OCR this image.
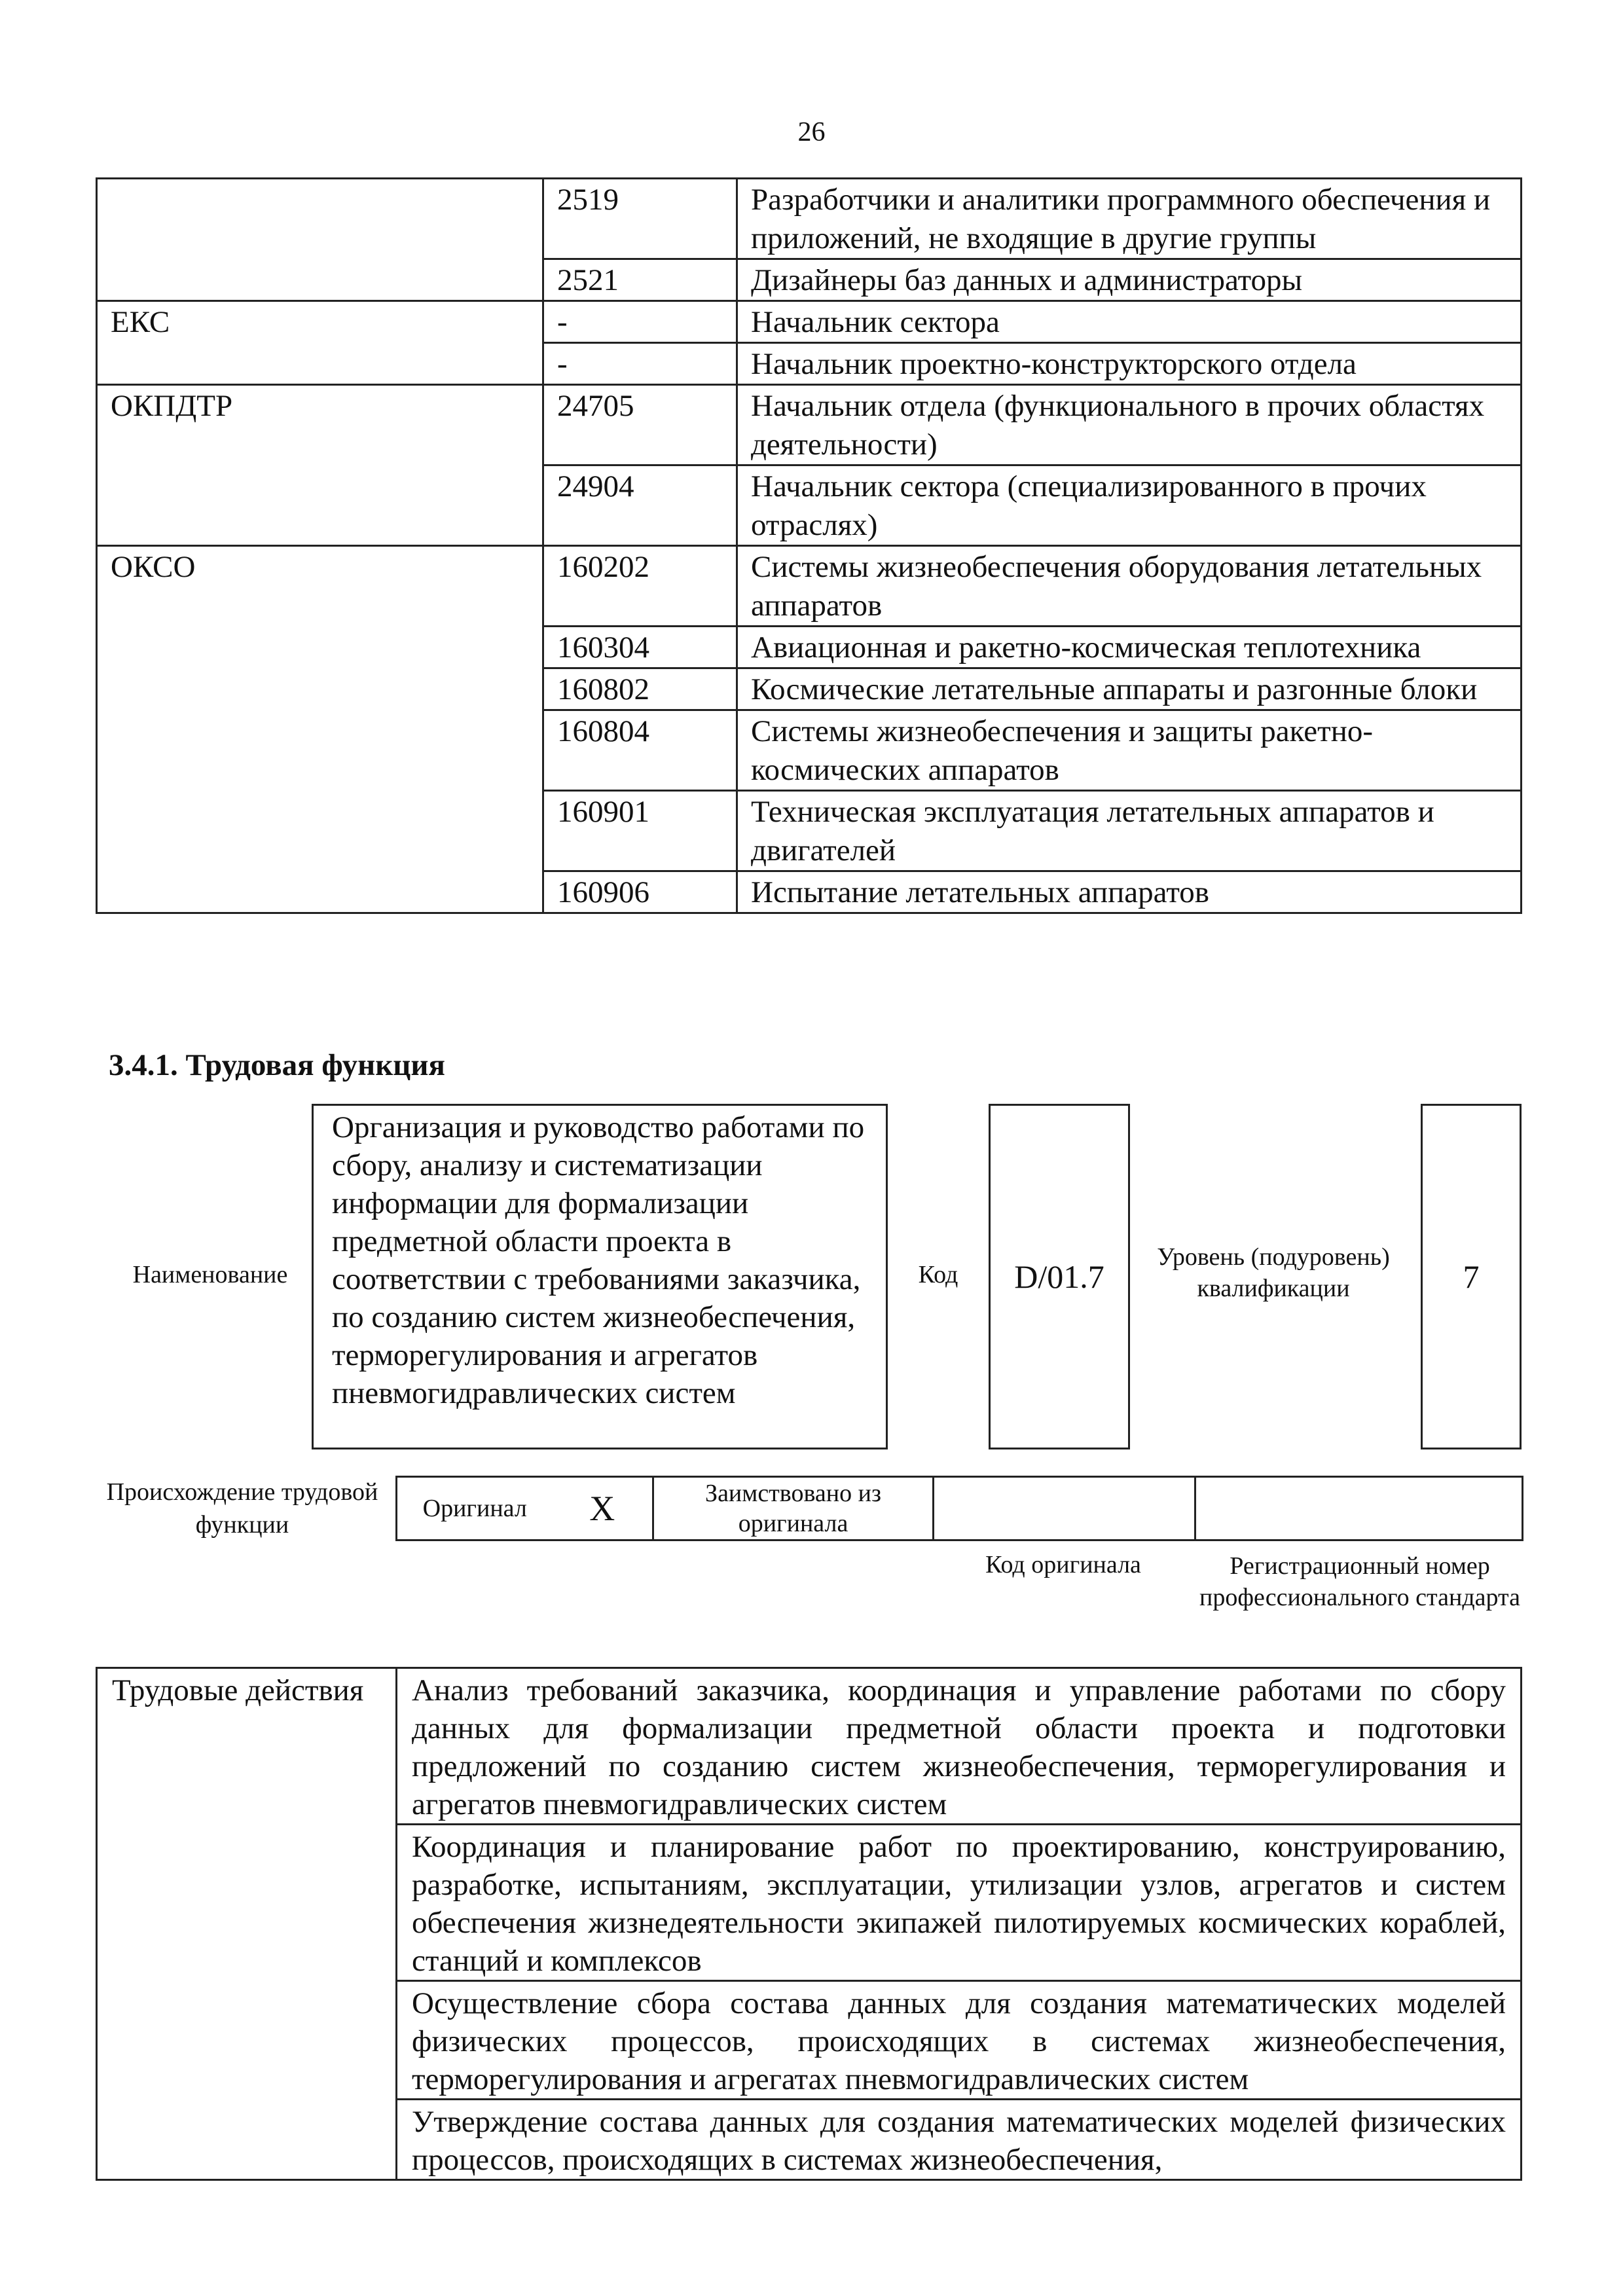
26
	2519	Разработчики и аналитики программного обеспечения и приложений, не входящие в другие группы
	2521	Дизайнеры баз данных и администраторы
ЕКС	-	Начальник сектора
	-	Начальник проектно-конструкторского отдела
ОКПДТР	24705	Начальник отдела (функционального в прочих областях деятельности)
	24904	Начальник сектора (специализированного в прочих отраслях)
ОКСО	160202	Системы жизнеобеспечения оборудования летательных аппаратов
	160304	Авиационная и ракетно-космическая теплотехника
	160802	Космические летательные аппараты и разгонные блоки
	160804	Системы жизнеобеспечения и защиты ракетно-космических аппаратов
	160901	Техническая эксплуатация летательных аппаратов и двигателей
	160906	Испытание летательных аппаратов
3.4.1. Трудовая функция
Наименование
Организация и руководство работами по сбору, анализу и систематизации информации для формализации предметной области проекта в соответствии с требованиями заказчика, по созданию систем жизнеобеспечения, терморегулирования и агрегатов пневмогидравлических систем
Код	D/01.7
Уровень (подуровень) квалификации	7
Происхождение трудовой функции
Оригинал	X	Заимствовано из оригинала		
Код оригинала	Регистрационный номер профессионального стандарта
Трудовые действия	Анализ требований заказчика, координация и управление работами по сбору данных для формализации предметной области проекта и подготовки предложений по созданию систем жизнеобеспечения, терморегулирования и агрегатов пневмогидравлических систем
Координация и планирование работ по проектированию, конструированию, разработке, испытаниям, эксплуатации, утилизации узлов, агрегатов и систем обеспечения жизнедеятельности экипажей пилотируемых космических кораблей, станций и комплексов
Осуществление сбора состава данных для создания математических моделей физических процессов, происходящих в системах жизнеобеспечения, терморегулирования и агрегатах пневмогидравлических систем

Утверждение состава данных для создания математических моделей физических процессов, происходящих в системах жизнеобеспечения,
